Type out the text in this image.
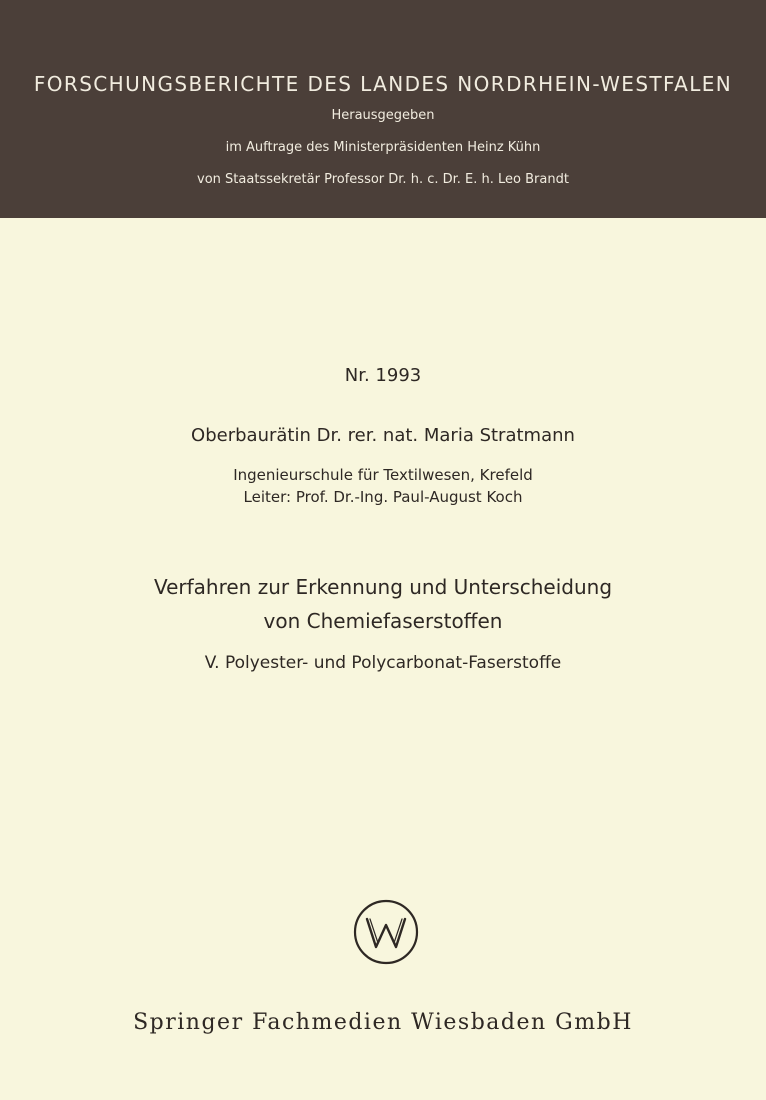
FORSCHUNGSBERICHTE DES LANDES NORDRHEIN-WESTFALEN
Herausgegeben
im Auftrage des Ministerpräsidenten Heinz Kühn
von Staatssekretär Professor Dr. h. c. Dr. E. h. Leo Brandt
Nr. 1993
Oberbaurätin Dr. rer. nat. Maria Stratmann
Ingenieurschule für Textilwesen, Krefeld
Leiter: Prof. Dr.-Ing. Paul-August Koch
Verfahren zur Erkennung und Unterscheidung
von Chemiefaserstoffen
V. Polyester- und Polycarbonat-Faserstoffe
Springer Fachmedien Wiesbaden GmbH
